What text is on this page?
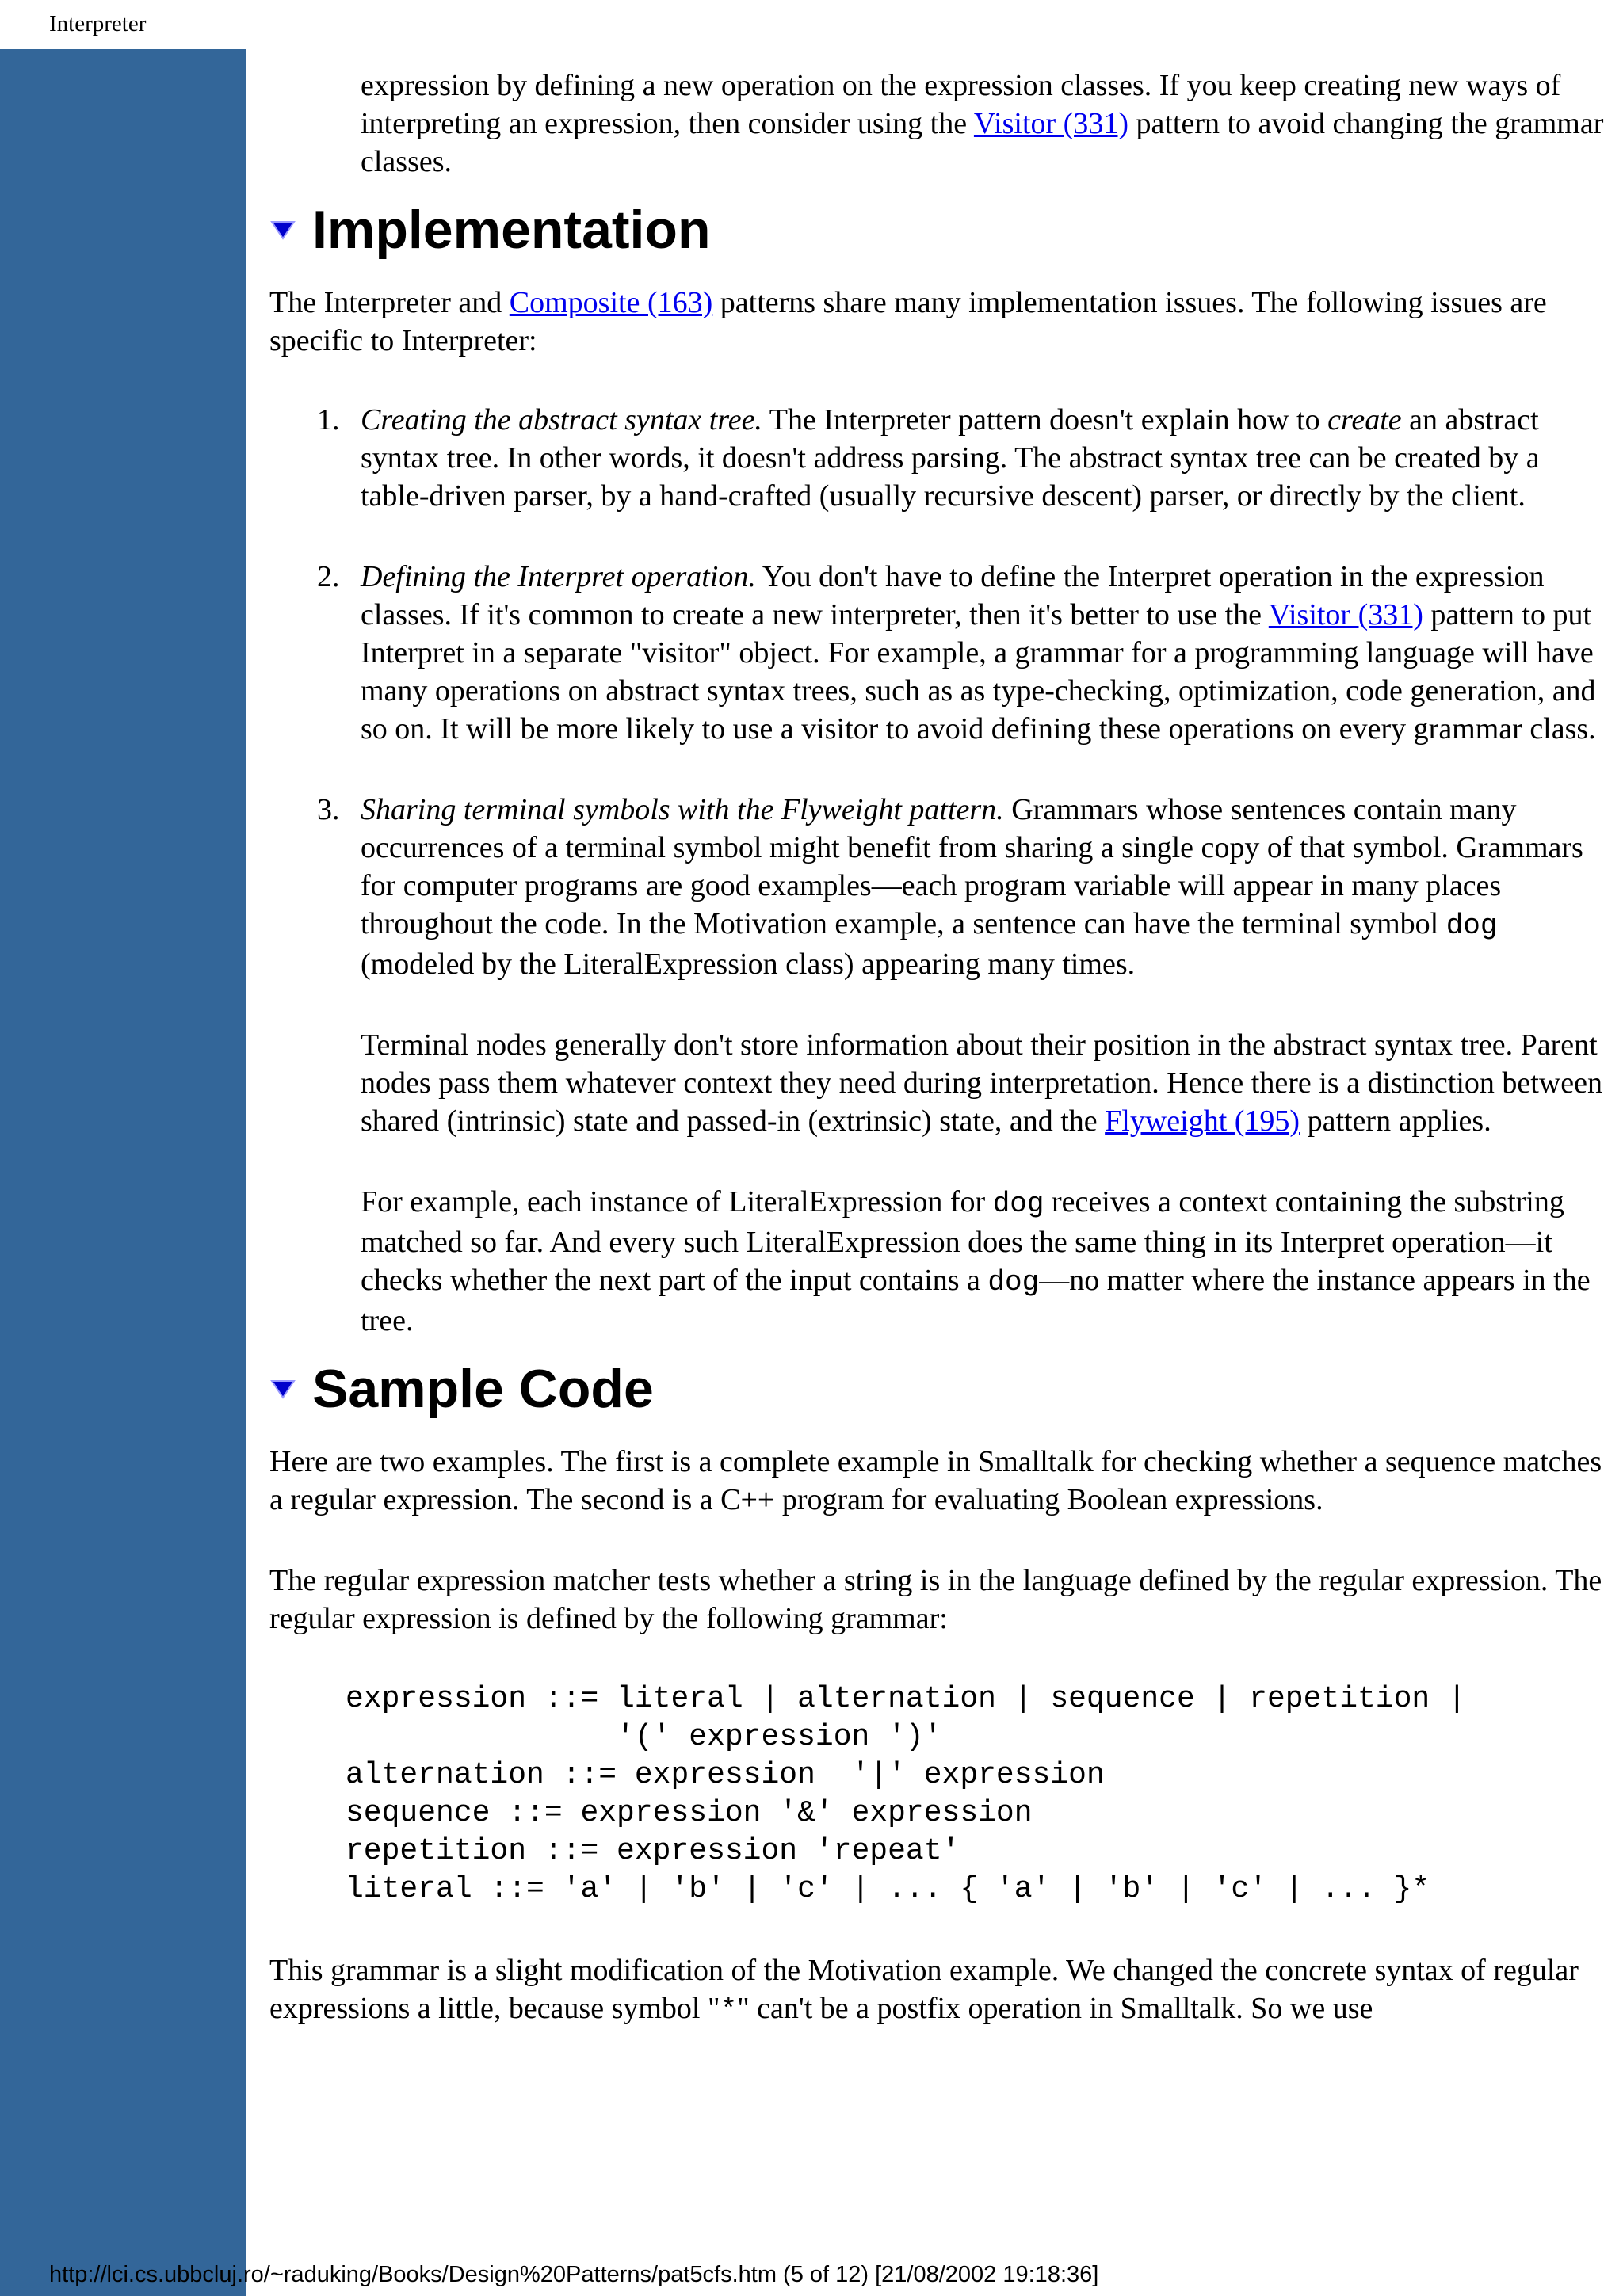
Interpreter

expression by defining a new operation on the expression classes. If you keep creating new ways of interpreting an expression, then consider using the Visitor (331) pattern to avoid changing the grammar classes.

Implementation

The Interpreter and Composite (163) patterns share many implementation issues. The following issues are specific to Interpreter:

1. Creating the abstract syntax tree. The Interpreter pattern doesn't explain how to create an abstract syntax tree. In other words, it doesn't address parsing. The abstract syntax tree can be created by a table-driven parser, by a hand-crafted (usually recursive descent) parser, or directly by the client.
2. Defining the Interpret operation. You don't have to define the Interpret operation in the expression classes. If it's common to create a new interpreter, then it's better to use the Visitor (331) pattern to put Interpret in a separate "visitor" object. For example, a grammar for a programming language will have many operations on abstract syntax trees, such as as type-checking, optimization, code generation, and so on. It will be more likely to use a visitor to avoid defining these operations on every grammar class.
3. Sharing terminal symbols with the Flyweight pattern. Grammars whose sentences contain many occurrences of a terminal symbol might benefit from sharing a single copy of that symbol. Grammars for computer programs are good examples—each program variable will appear in many places throughout the code. In the Motivation example, a sentence can have the terminal symbol dog (modeled by the LiteralExpression class) appearing many times.

Terminal nodes generally don't store information about their position in the abstract syntax tree. Parent nodes pass them whatever context they need during interpretation. Hence there is a distinction between shared (intrinsic) state and passed-in (extrinsic) state, and the Flyweight (195) pattern applies.

For example, each instance of LiteralExpression for dog receives a context containing the substring matched so far. And every such LiteralExpression does the same thing in its Interpret operation—it checks whether the next part of the input contains a dog—no matter where the instance appears in the tree.

Sample Code

Here are two examples. The first is a complete example in Smalltalk for checking whether a sequence matches a regular expression. The second is a C++ program for evaluating Boolean expressions.

The regular expression matcher tests whether a string is in the language defined by the regular expression. The regular expression is defined by the following grammar:

expression ::= literal | alternation | sequence | repetition |
'(' expression ')'
alternation ::= expression  '|' expression
sequence ::= expression '&' expression
repetition ::= expression 'repeat'
literal ::= 'a' | 'b' | 'c' | ... { 'a' | 'b' | 'c' | ... }*

This grammar is a slight modification of the Motivation example. We changed the concrete syntax of regular expressions a little, because symbol "*" can't be a postfix operation in Smalltalk. So we use

http://lci.cs.ubbcluj.ro/~raduking/Books/Design%20Patterns/pat5cfs.htm (5 of 12) [21/08/2002 19:18:36]
